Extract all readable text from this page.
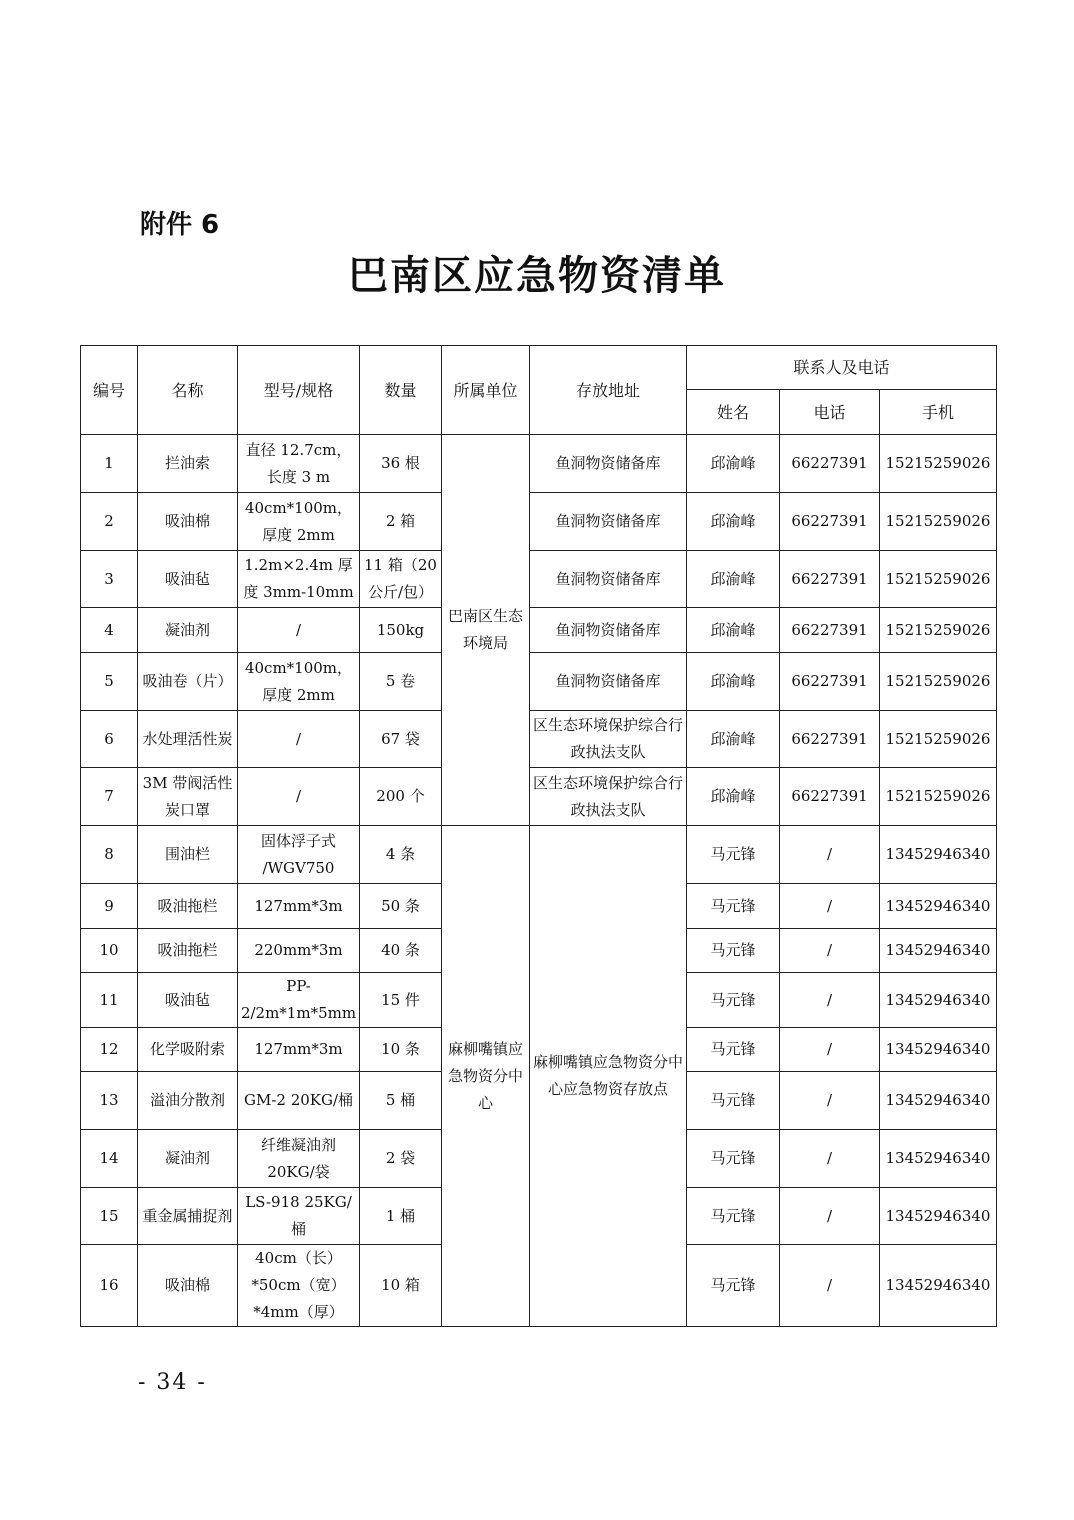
附件 6
巴南区应急物资清单
编号	名称	型号/规格	数量	所属单位	存放地址	联系人及电话		
						姓名	电话	手机
1	拦油索	直径 12.7cm，长度 3 m	36 根	巴南区生态环境局	鱼洞物资储备库	邱渝峰	66227391	15215259026
2	吸油棉	40cm*100m，厚度 2mm	2 箱		鱼洞物资储备库	邱渝峰	66227391	15215259026
3	吸油毡	1.2m×2.4m 厚度 3mm-10mm	11 箱（20 公斤/包）		鱼洞物资储备库	邱渝峰	66227391	15215259026
4	凝油剂	/	150kg		鱼洞物资储备库	邱渝峰	66227391	15215259026
5	吸油卷（片）	40cm*100m，厚度 2mm	5 卷		鱼洞物资储备库	邱渝峰	66227391	15215259026
6	水处理活性炭	/	67 袋		区生态环境保护综合行政执法支队	邱渝峰	66227391	15215259026
7	3M 带阀活性炭口罩	/	200 个		区生态环境保护综合行政执法支队	邱渝峰	66227391	15215259026
8	围油栏	固体浮子式 /WGV750	4 条	麻柳嘴镇应急物资分中心	麻柳嘴镇应急物资分中心应急物资存放点	马元锋	/	13452946340
9	吸油拖栏	127mm*3m	50 条			马元锋	/	13452946340
10	吸油拖栏	220mm*3m	40 条			马元锋	/	13452946340
11	吸油毡	PP-2/2m*1m*5mm	15 件			马元锋	/	13452946340
12	化学吸附索	127mm*3m	10 条			马元锋	/	13452946340
13	溢油分散剂	GM-2 20KG/桶	5 桶			马元锋	/	13452946340
14	凝油剂	纤维凝油剂 20KG/袋	2 袋			马元锋	/	13452946340
15	重金属捕捉剂	LS-918 25KG/桶	1 桶			马元锋	/	13452946340
16	吸油棉	40cm（长）*50cm（宽）*4mm（厚）	10 箱			马元锋	/	13452946340
- 34 -
